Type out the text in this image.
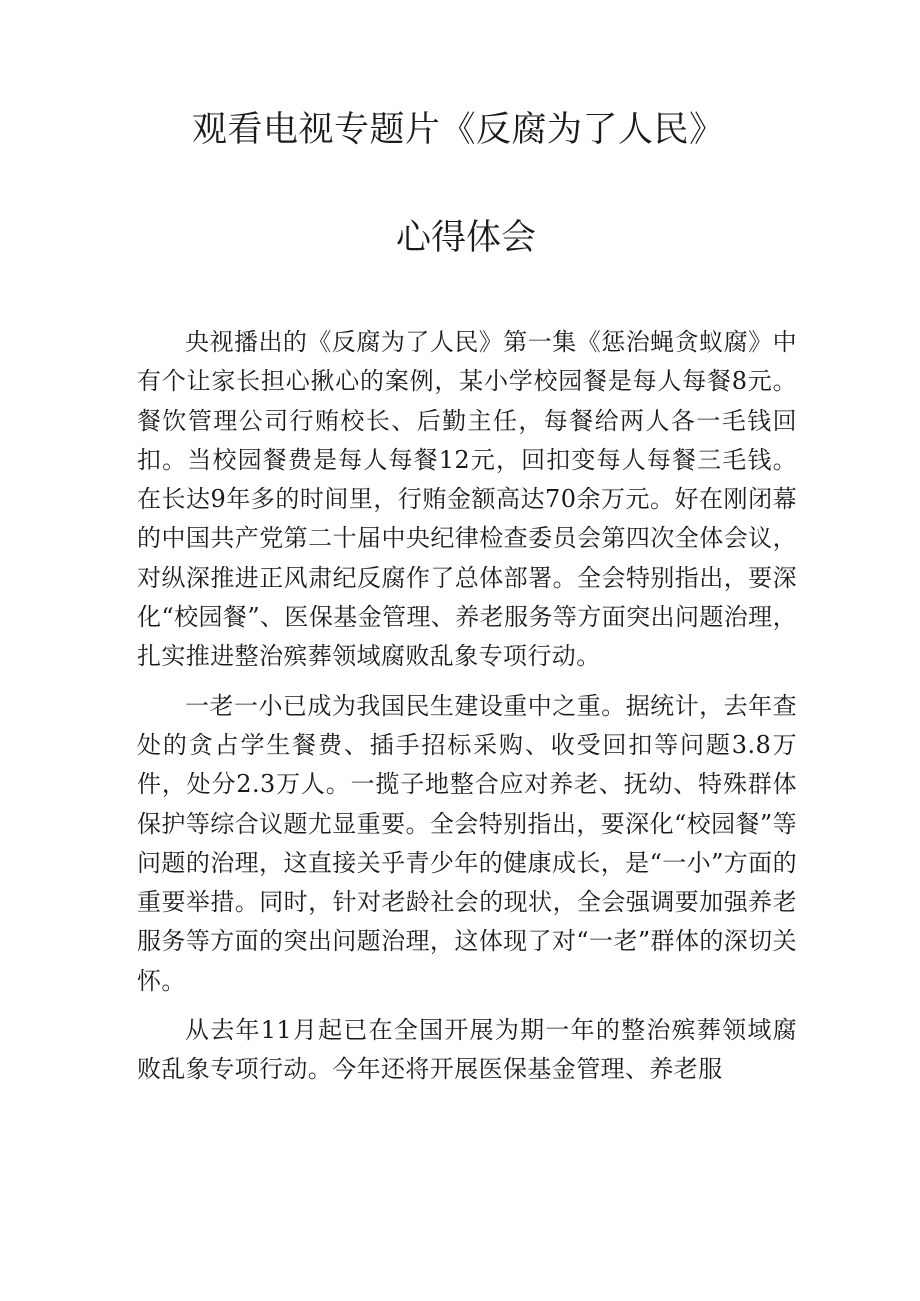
观看电视专题片《反腐为了人民》
心得体会

央视播出的《反腐为了人民》第一集《惩治蝇贪蚁腐》中有个让家长担心揪心的案例，某小学校园餐是每人每餐8元。餐饮管理公司行贿校长、后勤主任，每餐给两人各一毛钱回扣。当校园餐费是每人每餐12元，回扣变每人每餐三毛钱。在长达9年多的时间里，行贿金额高达70余万元。好在刚闭幕的中国共产党第二十届中央纪律检查委员会第四次全体会议，对纵深推进正风肃纪反腐作了总体部署。全会特别指出，要深化“校园餐”、医保基金管理、养老服务等方面突出问题治理，扎实推进整治殡葬领域腐败乱象专项行动。

一老一小已成为我国民生建设重中之重。据统计，去年查处的贪占学生餐费、插手招标采购、收受回扣等问题3.8万件，处分2.3万人。一揽子地整合应对养老、抚幼、特殊群体保护等综合议题尤显重要。全会特别指出，要深化“校园餐”等问题的治理，这直接关乎青少年的健康成长，是“一小”方面的重要举措。同时，针对老龄社会的现状，全会强调要加强养老服务等方面的突出问题治理，这体现了对“一老”群体的深切关怀。

从去年11月起已在全国开展为期一年的整治殡葬领域腐败乱象专项行动。今年还将开展医保基金管理、养老服
